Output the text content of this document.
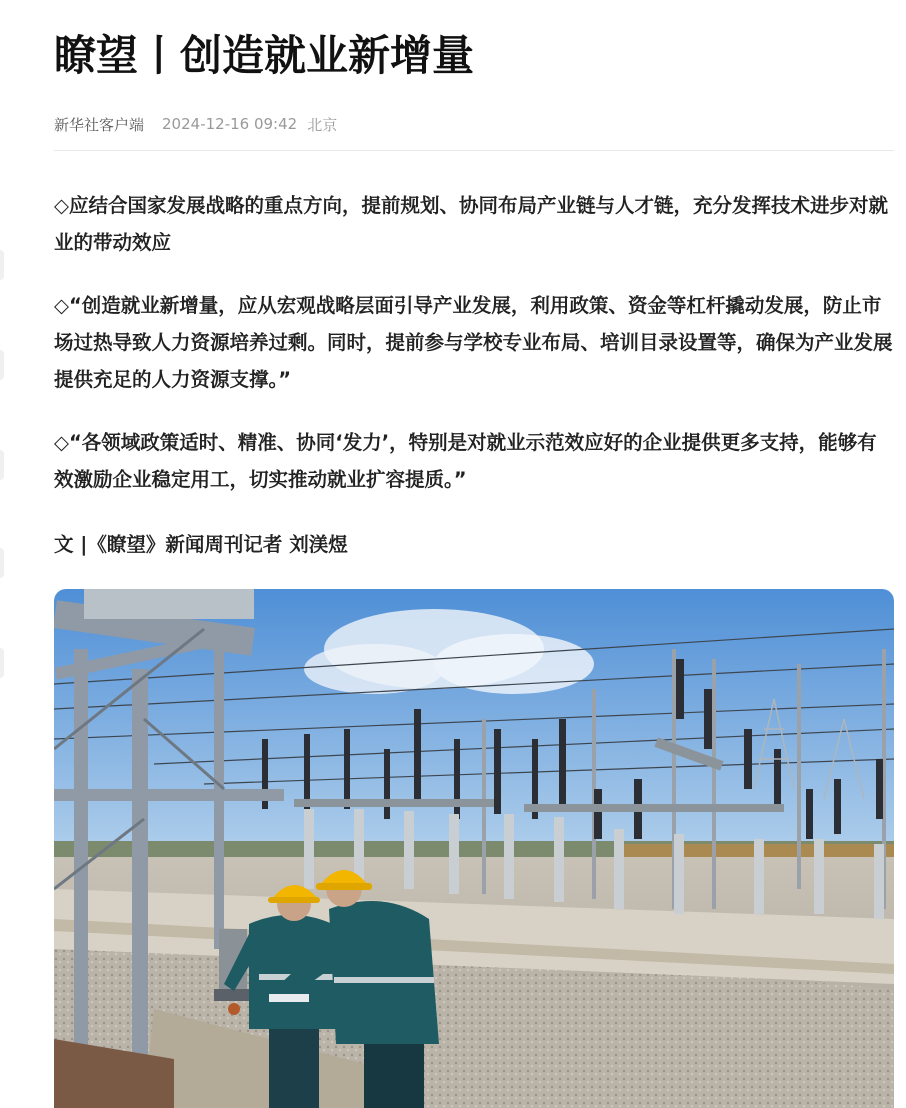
瞭望丨创造就业新增量
新华社客户端 2024-12-16 09:42 北京

◇应结合国家发展战略的重点方向，提前规划、协同布局产业链与人才链，充分发挥技术进步对就业的带动效应

◇“创造就业新增量，应从宏观战略层面引导产业发展，利用政策、资金等杠杆撬动发展，防止市场过热导致人力资源培养过剩。同时，提前参与学校专业布局、培训目录设置等，确保为产业发展提供充足的人力资源支撑。”

◇“各领域政策适时、精准、协同‘发力’，特别是对就业示范效应好的企业提供更多支持，能够有效激励企业稳定用工，切实推动就业扩容提质。”

文 |《瞭望》新闻周刊记者 刘渼煜
